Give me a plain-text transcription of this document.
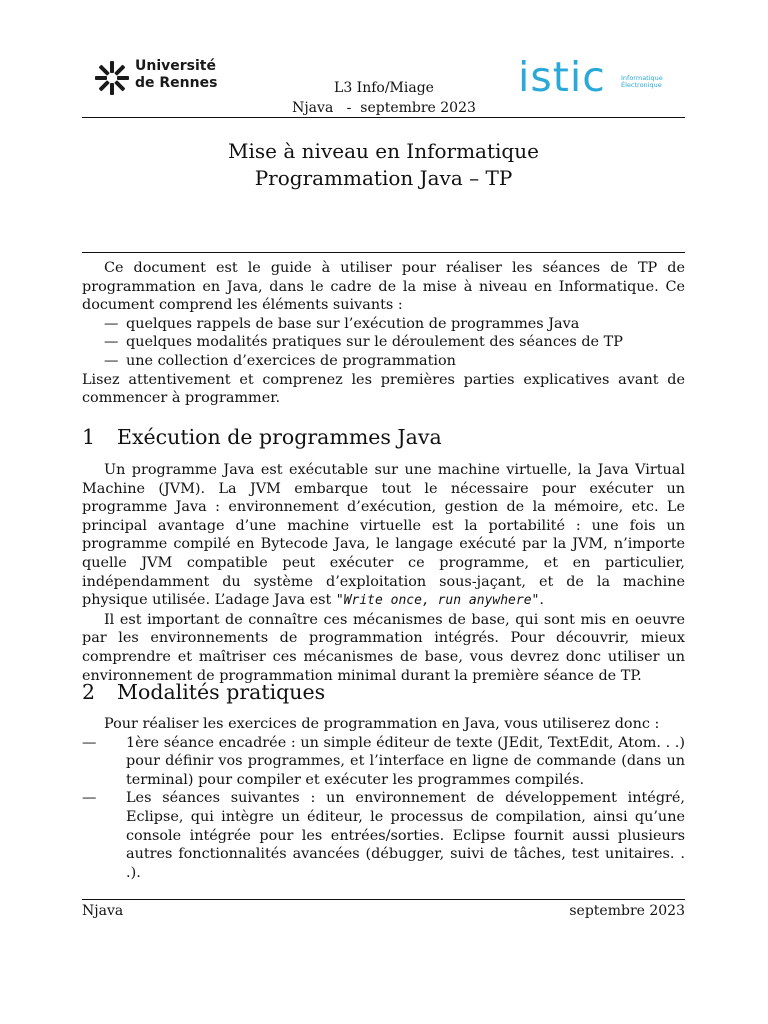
Université
de Rennes	L3 Info/Miage
Njava   -  septembre 2023
istic Informatique
Électronique
Mise à niveau en Informatique
Programmation Java – TP

Ce document est le guide à utiliser pour réaliser les séances de TP de programmation en Java, dans le cadre de la mise à niveau en Informatique. Ce document comprend les éléments suivants :

— quelques rappels de base sur l’exécution de programmes Java
— quelques modalités pratiques sur le déroulement des séances de TP
— une collection d’exercices de programmation

Lisez attentivement et comprenez les premières parties explicatives avant de commencer à programmer.

1 Exécution de programmes Java

Un programme Java est exécutable sur une machine virtuelle, la Java Virtual Machine (JVM). La JVM embarque tout le nécessaire pour exécuter un programme Java : environnement d’exécution, gestion de la mémoire, etc. Le principal avantage d’une machine virtuelle est la portabilité : une fois un programme compilé en Bytecode Java, le langage exécuté par la JVM, n’importe quelle JVM compatible peut exécuter ce programme, et en particulier, indépendamment du système d’exploitation sous-jaçant, et de la machine physique utilisée. L’adage Java est "Write once, run anywhere".

Il est important de connaître ces mécanismes de base, qui sont mis en oeuvre par les environnements de programmation intégrés. Pour découvrir, mieux comprendre et maîtriser ces mécanismes de base, vous devrez donc utiliser un environnement de programmation minimal durant la première séance de TP.

2 Modalités pratiques

Pour réaliser les exercices de programmation en Java, vous utiliserez donc :

— 1ère séance encadrée : un simple éditeur de texte (JEdit, TextEdit, Atom. . .) pour définir vos programmes, et l’interface en ligne de commande (dans un terminal) pour compiler et exécuter les programmes compilés.
— Les séances suivantes : un environnement de développement intégré, Eclipse, qui intègre un éditeur, le processus de compilation, ainsi qu’une console intégrée pour les entrées/sorties. Eclipse fournit aussi plusieurs autres fonctionnalités avancées (débugger, suivi de tâches, test unitaires. . .).
Njava	septembre 2023
